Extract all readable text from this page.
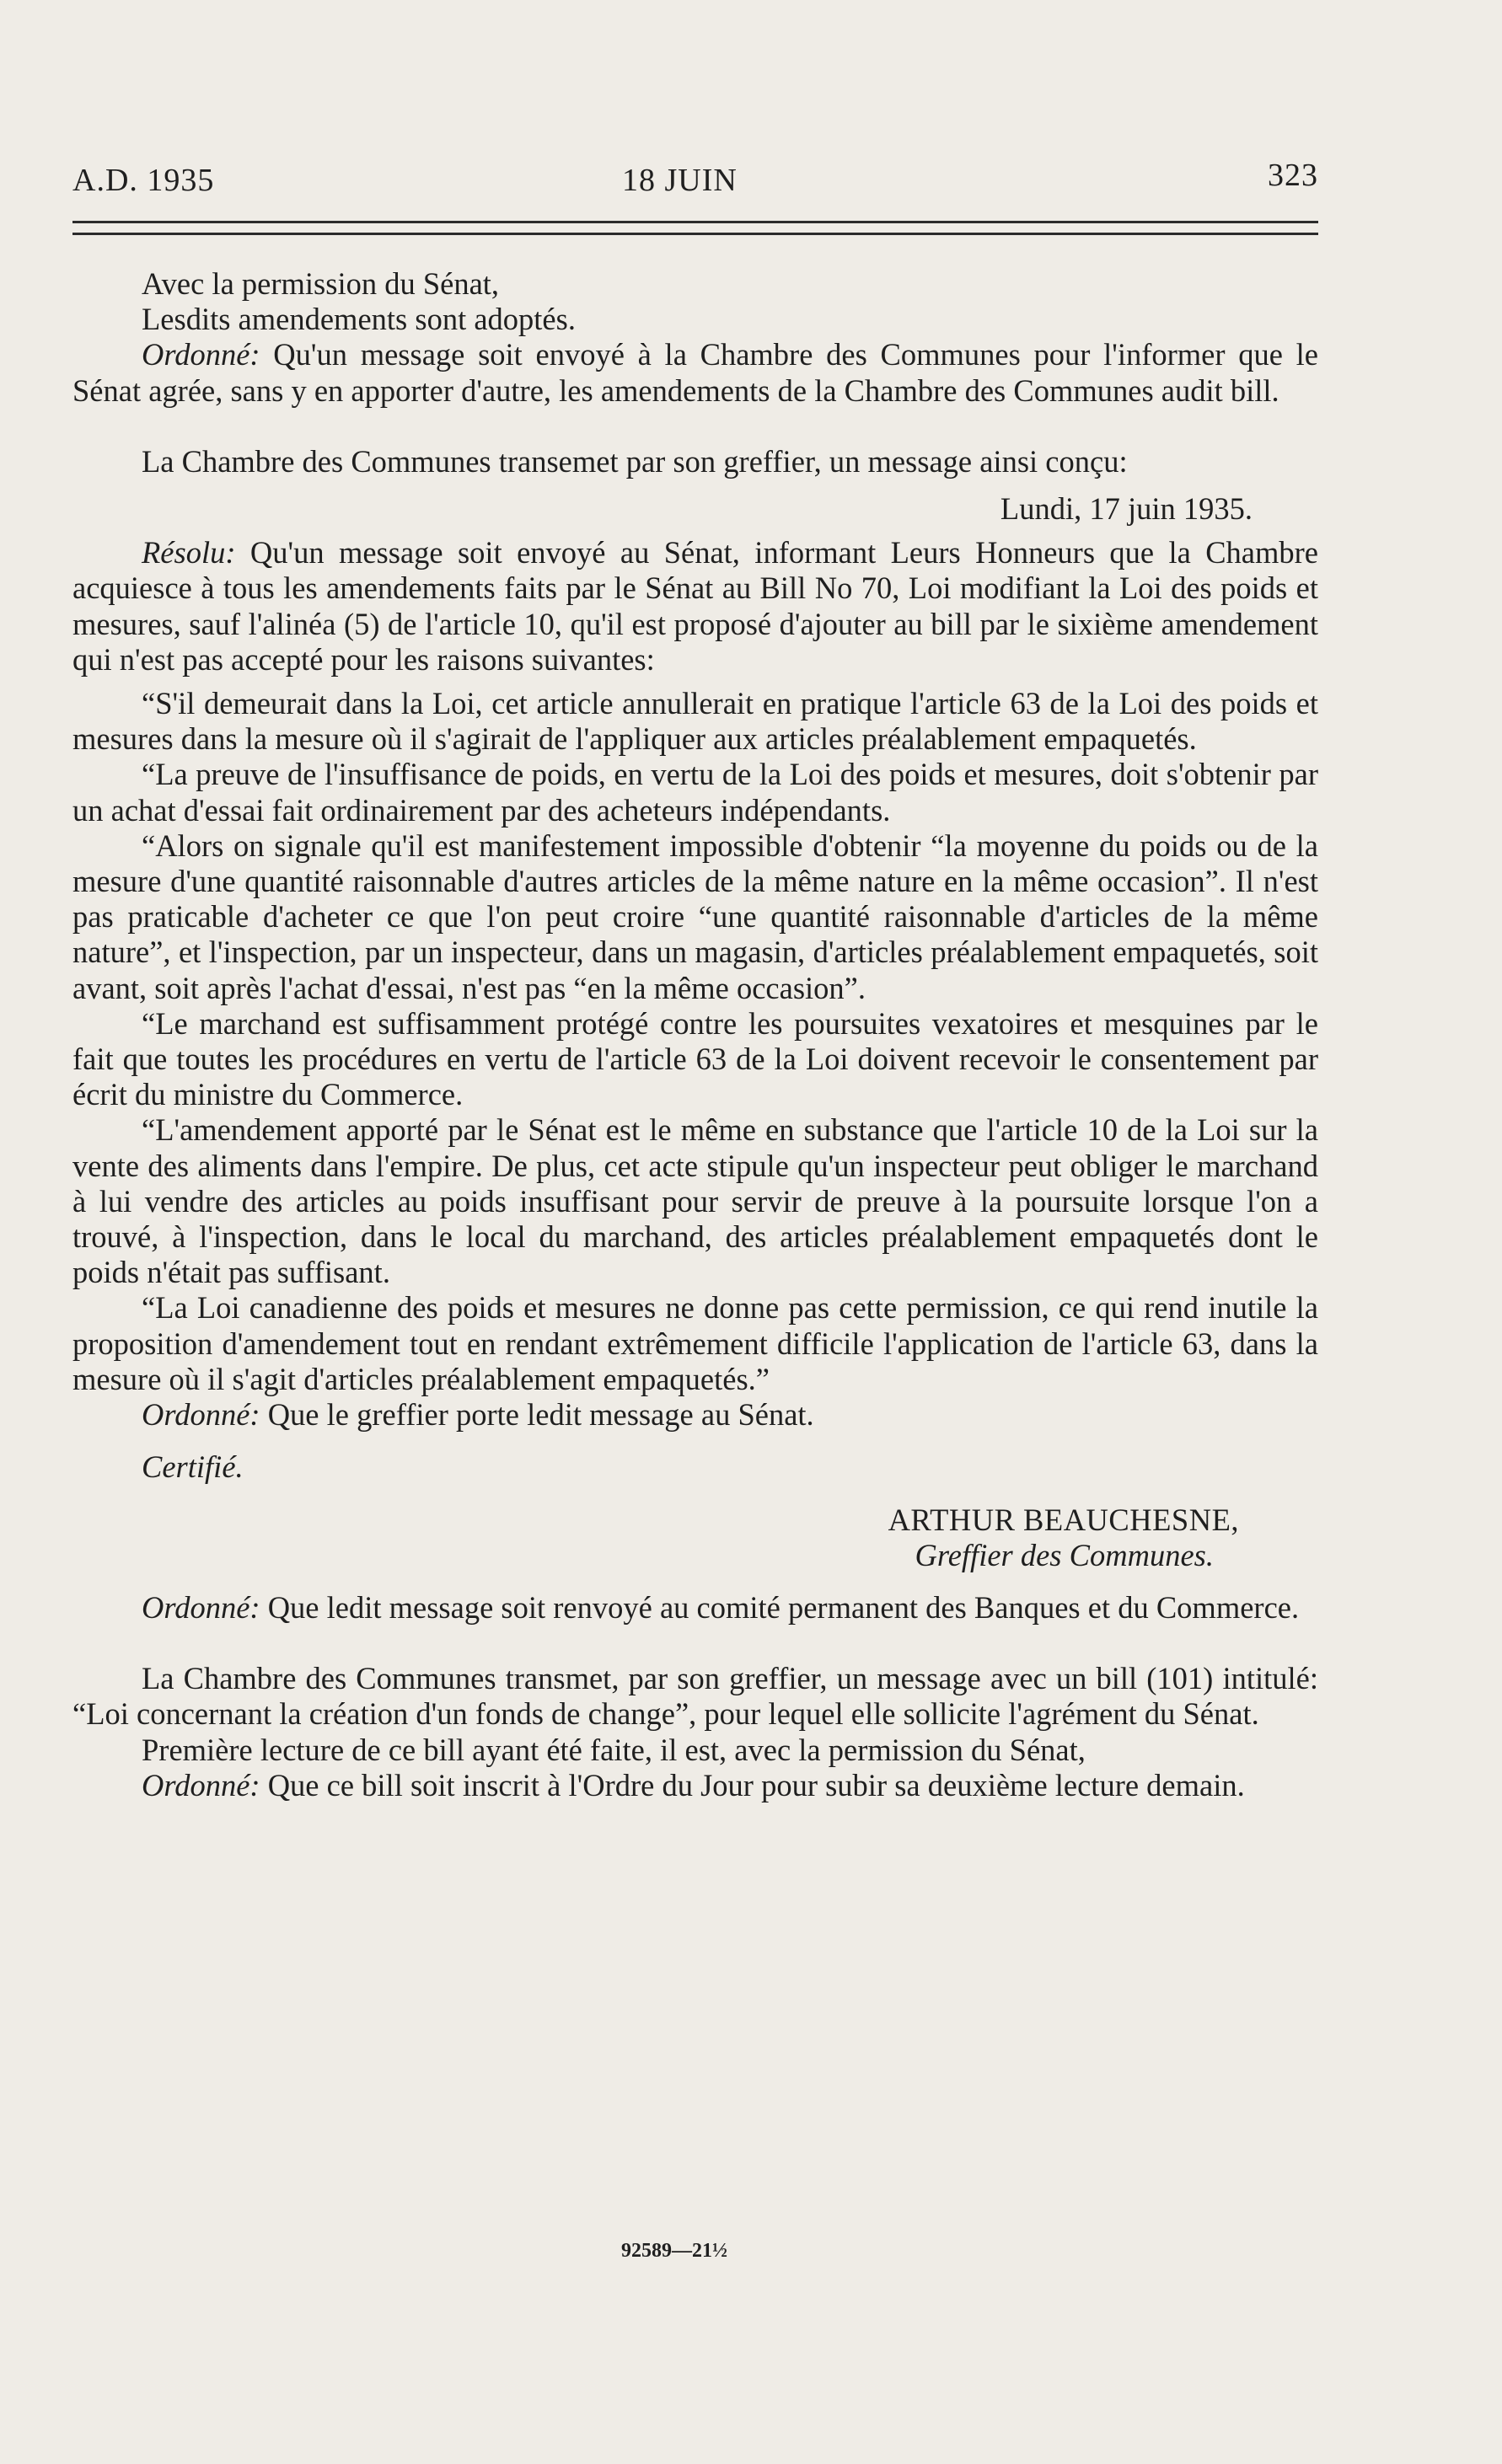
A.D. 1935	18 JUIN	323

Avec la permission du Sénat,

Lesdits amendements sont adoptés.

Ordonné: Qu'un message soit envoyé à la Chambre des Communes pour l'informer que le Sénat agrée, sans y en apporter d'autre, les amendements de la Chambre des Communes audit bill.

La Chambre des Communes transemet par son greffier, un message ainsi conçu:

Lundi, 17 juin 1935.

Résolu: Qu'un message soit envoyé au Sénat, informant Leurs Honneurs que la Chambre acquiesce à tous les amendements faits par le Sénat au Bill No 70, Loi modifiant la Loi des poids et mesures, sauf l'alinéa (5) de l'article 10, qu'il est proposé d'ajouter au bill par le sixième amendement qui n'est pas accepté pour les raisons suivantes:

“S'il demeurait dans la Loi, cet article annullerait en pratique l'article 63 de la Loi des poids et mesures dans la mesure où il s'agirait de l'appliquer aux articles préalablement empaquetés.

“La preuve de l'insuffisance de poids, en vertu de la Loi des poids et mesures, doit s'obtenir par un achat d'essai fait ordinairement par des acheteurs indépendants.

“Alors on signale qu'il est manifestement impossible d'obtenir “la moyenne du poids ou de la mesure d'une quantité raisonnable d'autres articles de la même nature en la même occasion”. Il n'est pas praticable d'acheter ce que l'on peut croire “une quantité raisonnable d'articles de la même nature”, et l'inspection, par un inspecteur, dans un magasin, d'articles préalablement empaquetés, soit avant, soit après l'achat d'essai, n'est pas “en la même occasion”.

“Le marchand est suffisamment protégé contre les poursuites vexatoires et mesquines par le fait que toutes les procédures en vertu de l'article 63 de la Loi doivent recevoir le consentement par écrit du ministre du Commerce.

“L'amendement apporté par le Sénat est le même en substance que l'article 10 de la Loi sur la vente des aliments dans l'empire. De plus, cet acte stipule qu'un inspecteur peut obliger le marchand à lui vendre des articles au poids insuffisant pour servir de preuve à la poursuite lorsque l'on a trouvé, à l'inspection, dans le local du marchand, des articles préalablement empaquetés dont le poids n'était pas suffisant.

“La Loi canadienne des poids et mesures ne donne pas cette permission, ce qui rend inutile la proposition d'amendement tout en rendant extrêmement difficile l'application de l'article 63, dans la mesure où il s'agit d'articles préalablement empaquetés.”

Ordonné: Que le greffier porte ledit message au Sénat.

Certifié.

ARTHUR BEAUCHESNE,

Greffier des Communes.

Ordonné: Que ledit message soit renvoyé au comité permanent des Banques et du Commerce.

La Chambre des Communes transmet, par son greffier, un message avec un bill (101) intitulé: “Loi concernant la création d'un fonds de change”, pour lequel elle sollicite l'agrément du Sénat.

Première lecture de ce bill ayant été faite, il est, avec la permission du Sénat,

Ordonné: Que ce bill soit inscrit à l'Ordre du Jour pour subir sa deuxième lecture demain.

92589—21½
